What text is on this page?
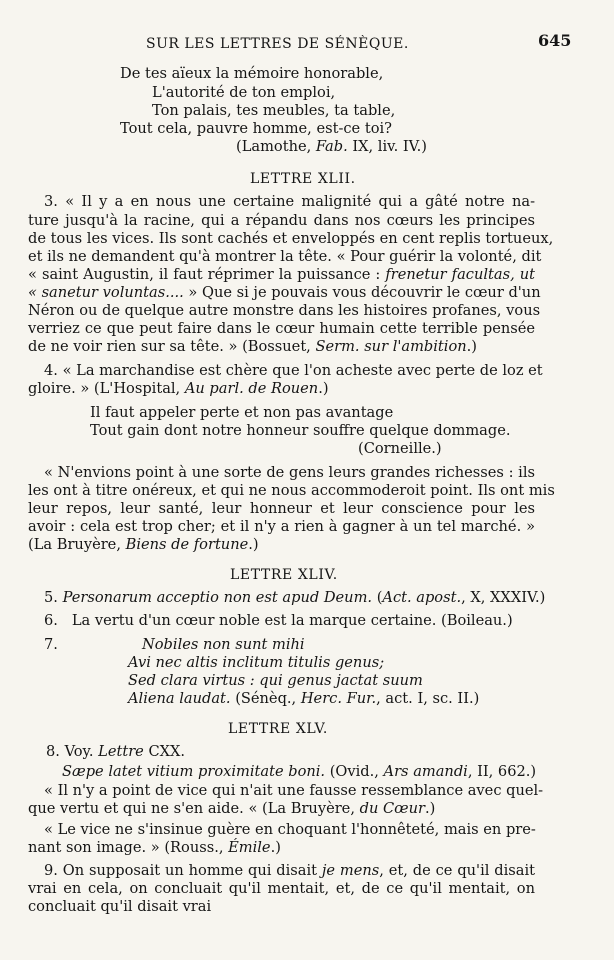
SUR LES LETTRES DE SÉNÈQUE.	645
De tes aïeux la mémoire honorable,
L'autorité de ton emploi,
Ton palais, tes meubles, ta table,
Tout cela, pauvre homme, est-ce toi?
(Lamothe, Fab. IX, liv. IV.)
LETTRE XLII.
3. « Il y a en nous une certaine malignité qui a gâté notre na-
ture jusqu'à la racine, qui a répandu dans nos cœurs les principes
de tous les vices. Ils sont cachés et enveloppés en cent replis tortueux,
et ils ne demandent qu'à montrer la tête. « Pour guérir la volonté, dit
« saint Augustin, il faut réprimer la puissance : frenetur facultas, ut
« sanetur voluntas.... » Que si je pouvais vous découvrir le cœur d'un
Néron ou de quelque autre monstre dans les histoires profanes, vous
verriez ce que peut faire dans le cœur humain cette terrible pensée
de ne voir rien sur sa tête. » (Bossuet, Serm. sur l'ambition.)
4. « La marchandise est chère que l'on acheste avec perte de loz et
gloire. » (L'Hospital, Au parl. de Rouen.)
Il faut appeler perte et non pas avantage
Tout gain dont notre honneur souffre quelque dommage.
(Corneille.)
« N'envions point à une sorte de gens leurs grandes richesses : ils
les ont à titre onéreux, et qui ne nous accommoderoit point. Ils ont mis
leur repos, leur santé, leur honneur et leur conscience pour les
avoir : cela est trop cher; et il n'y a rien à gagner à un tel marché. »
(La Bruyère, Biens de fortune.)
LETTRE XLIV.
5. Personarum acceptio non est apud Deum. (Act. apost., X, XXXIV.)
6. La vertu d'un cœur noble est la marque certaine. (Boileau.)
7.	Nobiles non sunt mihi
Avi nec altis inclitum titulis genus;
Sed clara virtus : qui genus jactat suum
Aliena laudat. (Sénèq., Herc. Fur., act. I, sc. II.)
LETTRE XLV.
8. Voy. Lettre CXX.
Sæpe latet vitium proximitate boni. (Ovid., Ars amandi, II, 662.)
« Il n'y a point de vice qui n'ait une fausse ressemblance avec quel-
que vertu et qui ne s'en aide. « (La Bruyère, du Cœur.)
« Le vice ne s'insinue guère en choquant l'honnêteté, mais en pre-
nant son image. » (Rouss., Émile.)
9. On supposait un homme qui disait je mens, et, de ce qu'il disait
vrai en cela, on concluait qu'il mentait, et, de ce qu'il mentait, on
concluait qu'il disait vrai
